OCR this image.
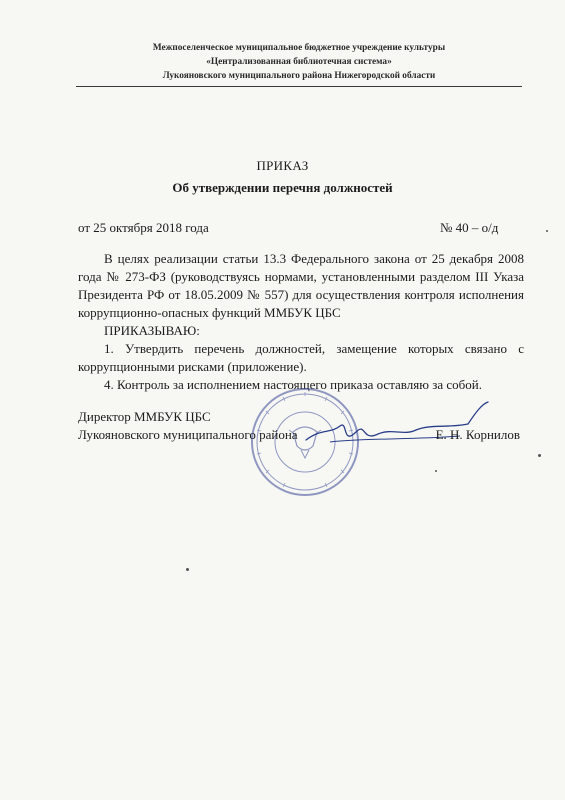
Межпоселенческое муниципальное бюджетное учреждение культуры
«Централизованная библиотечная система»
Лукояновского муниципального района Нижегородской области
ПРИКАЗ
Об утверждении перечня должностей
от 25 октября 2018 года	№ 40 – о/д

В целях реализации статьи 13.3 Федерального закона от 25 декабря 2008 года № 273-ФЗ (руководствуясь нормами, установленными разделом III Указа Президента РФ от 18.05.2009 № 557) для осуществления контроля исполнения коррупционно-опасных функций ММБУК ЦБС

ПРИКАЗЫВАЮ:

1. Утвердить перечень должностей, замещение которых связано с коррупционными рисками (приложение).

4. Контроль за исполнением настоящего приказа оставляю за собой.

Директор ММБУК ЦБС
Лукояновского муниципального района	Е. Н. Корнилов
